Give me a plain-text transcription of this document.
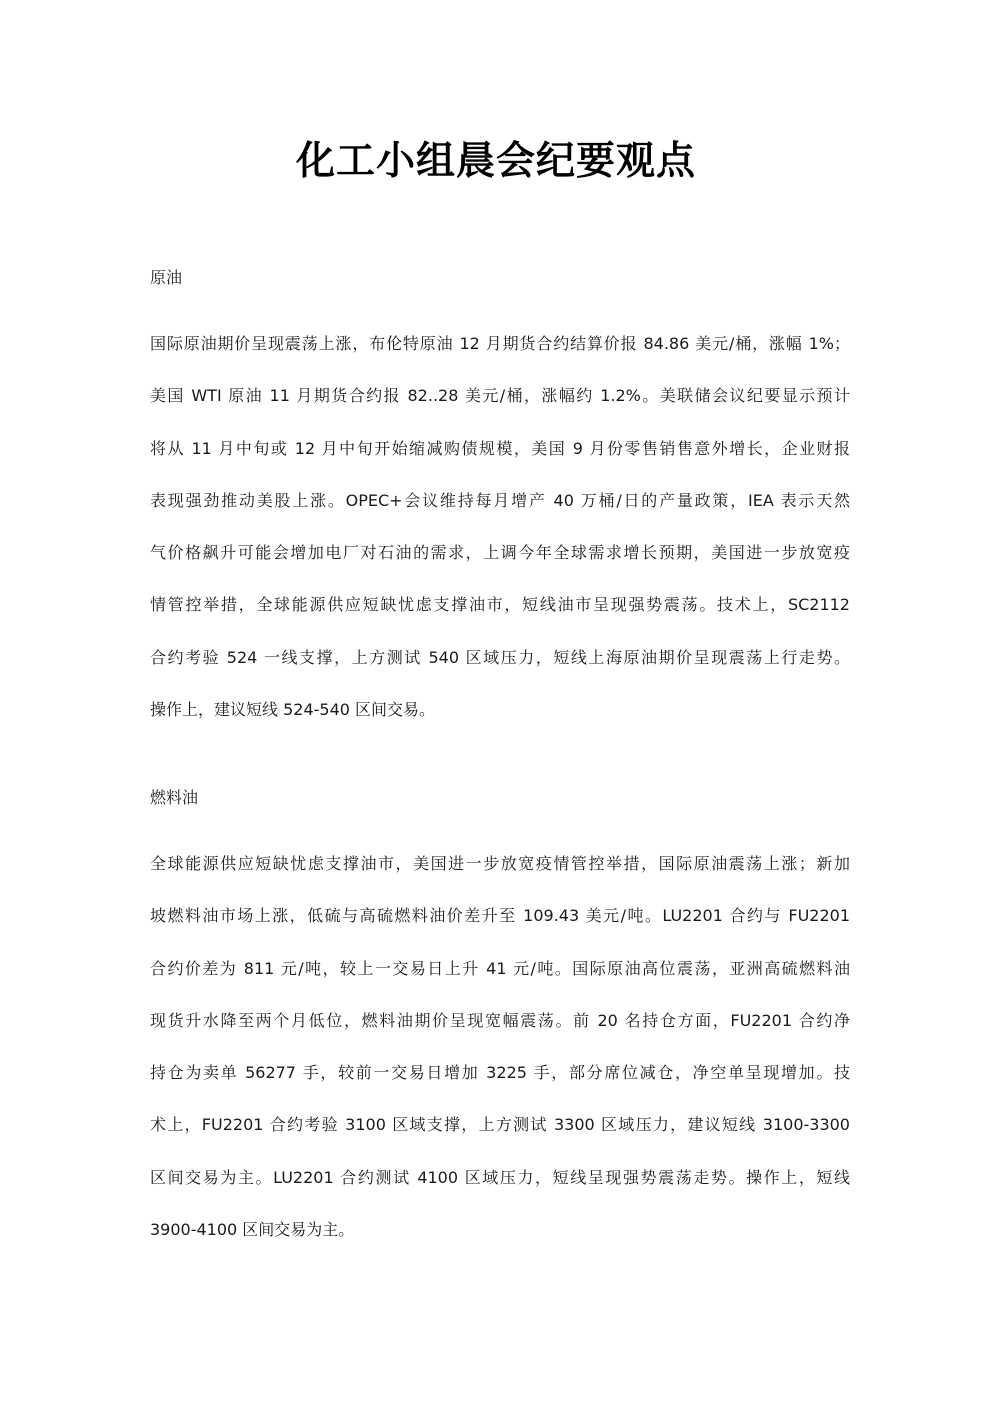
化工小组晨会纪要观点
原油

国际原油期价呈现震荡上涨，布伦特原油 12 月期货合约结算价报 84.86 美元/桶，涨幅 1%；
美国 WTI 原油 11 月期货合约报 82..28 美元/桶，涨幅约 1.2%。美联储会议纪要显示预计
将从 11 月中旬或 12 月中旬开始缩减购债规模，美国 9 月份零售销售意外增长，企业财报
表现强劲推动美股上涨。OPEC+会议维持每月增产 40 万桶/日的产量政策，IEA 表示天然
气价格飙升可能会增加电厂对石油的需求，上调今年全球需求增长预期，美国进一步放宽疫
情管控举措，全球能源供应短缺忧虑支撑油市，短线油市呈现强势震荡。技术上，SC2112
合约考验 524 一线支撑，上方测试 540 区域压力，短线上海原油期价呈现震荡上行走势。
操作上，建议短线 524-540 区间交易。

燃料油

全球能源供应短缺忧虑支撑油市，美国进一步放宽疫情管控举措，国际原油震荡上涨；新加
坡燃料油市场上涨，低硫与高硫燃料油价差升至 109.43 美元/吨。LU2201 合约与 FU2201
合约价差为 811 元/吨，较上一交易日上升 41 元/吨。国际原油高位震荡，亚洲高硫燃料油
现货升水降至两个月低位，燃料油期价呈现宽幅震荡。前 20 名持仓方面，FU2201 合约净
持仓为卖单 56277 手，较前一交易日增加 3225 手，部分席位减仓，净空单呈现增加。技
术上，FU2201 合约考验 3100 区域支撑，上方测试 3300 区域压力，建议短线 3100-3300
区间交易为主。LU2201 合约测试 4100 区域压力，短线呈现强势震荡走势。操作上，短线
3900-4100 区间交易为主。
